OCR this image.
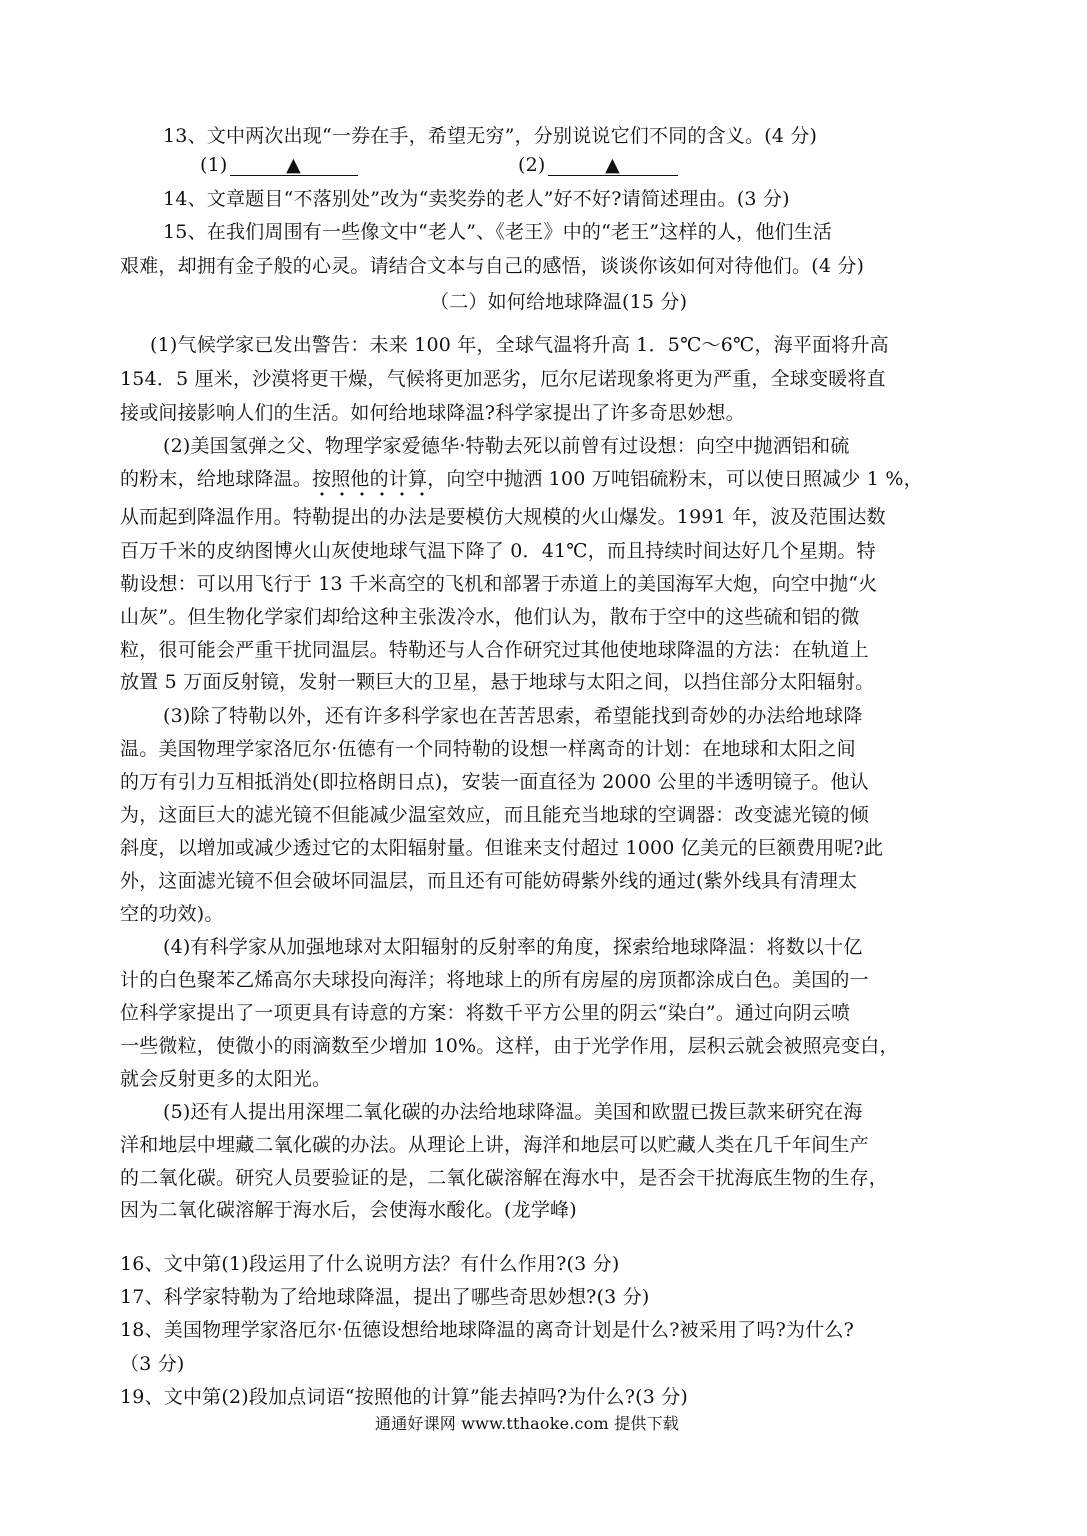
13、文中两次出现“一券在手，希望无穷”，分别说说它们不同的含义。(4 分)
(1)	▲	(2)	▲
14、文章题目“不落别处”改为“卖奖券的老人”好不好?请简述理由。(3 分)
15、在我们周围有一些像文中“老人”、《老王》中的“老王”这样的人，他们生活
艰难，却拥有金子般的心灵。请结合文本与自己的感悟，谈谈你该如何对待他们。(4 分)
（二）如何给地球降温(15 分)
(1)气候学家已发出警告：未来 100 年，全球气温将升高 1．5℃～6℃，海平面将升高
154．5 厘米，沙漠将更干燥，气候将更加恶劣，厄尔尼诺现象将更为严重，全球变暖将直
接或间接影响人们的生活。如何给地球降温?科学家提出了许多奇思妙想。
(2)美国氢弹之父、物理学家爱德华·特勒去死以前曾有过设想：向空中抛洒铝和硫
的粉末，给地球降温。按照他的计算
，向空中抛洒 100 万吨铝硫粉末，可以使日照减少 1 %，
从而起到降温作用。特勒提出的办法是要模仿大规模的火山爆发。1991 年，波及范围达数
百万千米的皮纳图博火山灰使地球气温下降了 0．41℃，而且持续时间达好几个星期。特
勒设想：可以用飞行于 13 千米高空的飞机和部署于赤道上的美国海军大炮，向空中抛“火
山灰”。但生物化学家们却给这种主张泼冷水，他们认为，散布于空中的这些硫和铝的微
粒，很可能会严重干扰同温层。特勒还与人合作研究过其他使地球降温的方法：在轨道上
放置 5 万面反射镜，发射一颗巨大的卫星，悬于地球与太阳之间，以挡住部分太阳辐射。
(3)除了特勒以外，还有许多科学家也在苦苦思索，希望能找到奇妙的办法给地球降
温。美国物理学家洛厄尔·伍德有一个同特勒的设想一样离奇的计划：在地球和太阳之间
的万有引力互相抵消处(即拉格朗日点)，安装一面直径为 2000 公里的半透明镜子。他认
为，这面巨大的滤光镜不但能减少温室效应，而且能充当地球的空调器：改变滤光镜的倾
斜度，以增加或减少透过它的太阳辐射量。但谁来支付超过 1000 亿美元的巨额费用呢?此
外，这面滤光镜不但会破坏同温层，而且还有可能妨碍紫外线的通过(紫外线具有清理太
空的功效)。
(4)有科学家从加强地球对太阳辐射的反射率的角度，探索给地球降温：将数以十亿
计的白色聚苯乙烯高尔夫球投向海洋；将地球上的所有房屋的房顶都涂成白色。美国的一
位科学家提出了一项更具有诗意的方案：将数千平方公里的阴云“染白”。通过向阴云喷
一些微粒，使微小的雨滴数至少增加 10%。这样，由于光学作用，层积云就会被照亮变白，
就会反射更多的太阳光。
(5)还有人提出用深埋二氧化碳的办法给地球降温。美国和欧盟已拨巨款来研究在海
洋和地层中埋藏二氧化碳的办法。从理论上讲，海洋和地层可以贮藏人类在几千年间生产
的二氧化碳。研究人员要验证的是，二氧化碳溶解在海水中，是否会干扰海底生物的生存，
因为二氧化碳溶解于海水后，会使海水酸化。(龙学峰)
16、文中第(1)段运用了什么说明方法？有什么作用?(3 分)
17、科学家特勒为了给地球降温，提出了哪些奇思妙想?(3 分)
18、美国物理学家洛厄尔·伍德设想给地球降温的离奇计划是什么?被采用了吗?为什么?
（3 分)
19、文中第(2)段加点词语“按照他的计算”能去掉吗?为什么?(3 分)
通通好课网 www.tthaoke.com 提供下载
